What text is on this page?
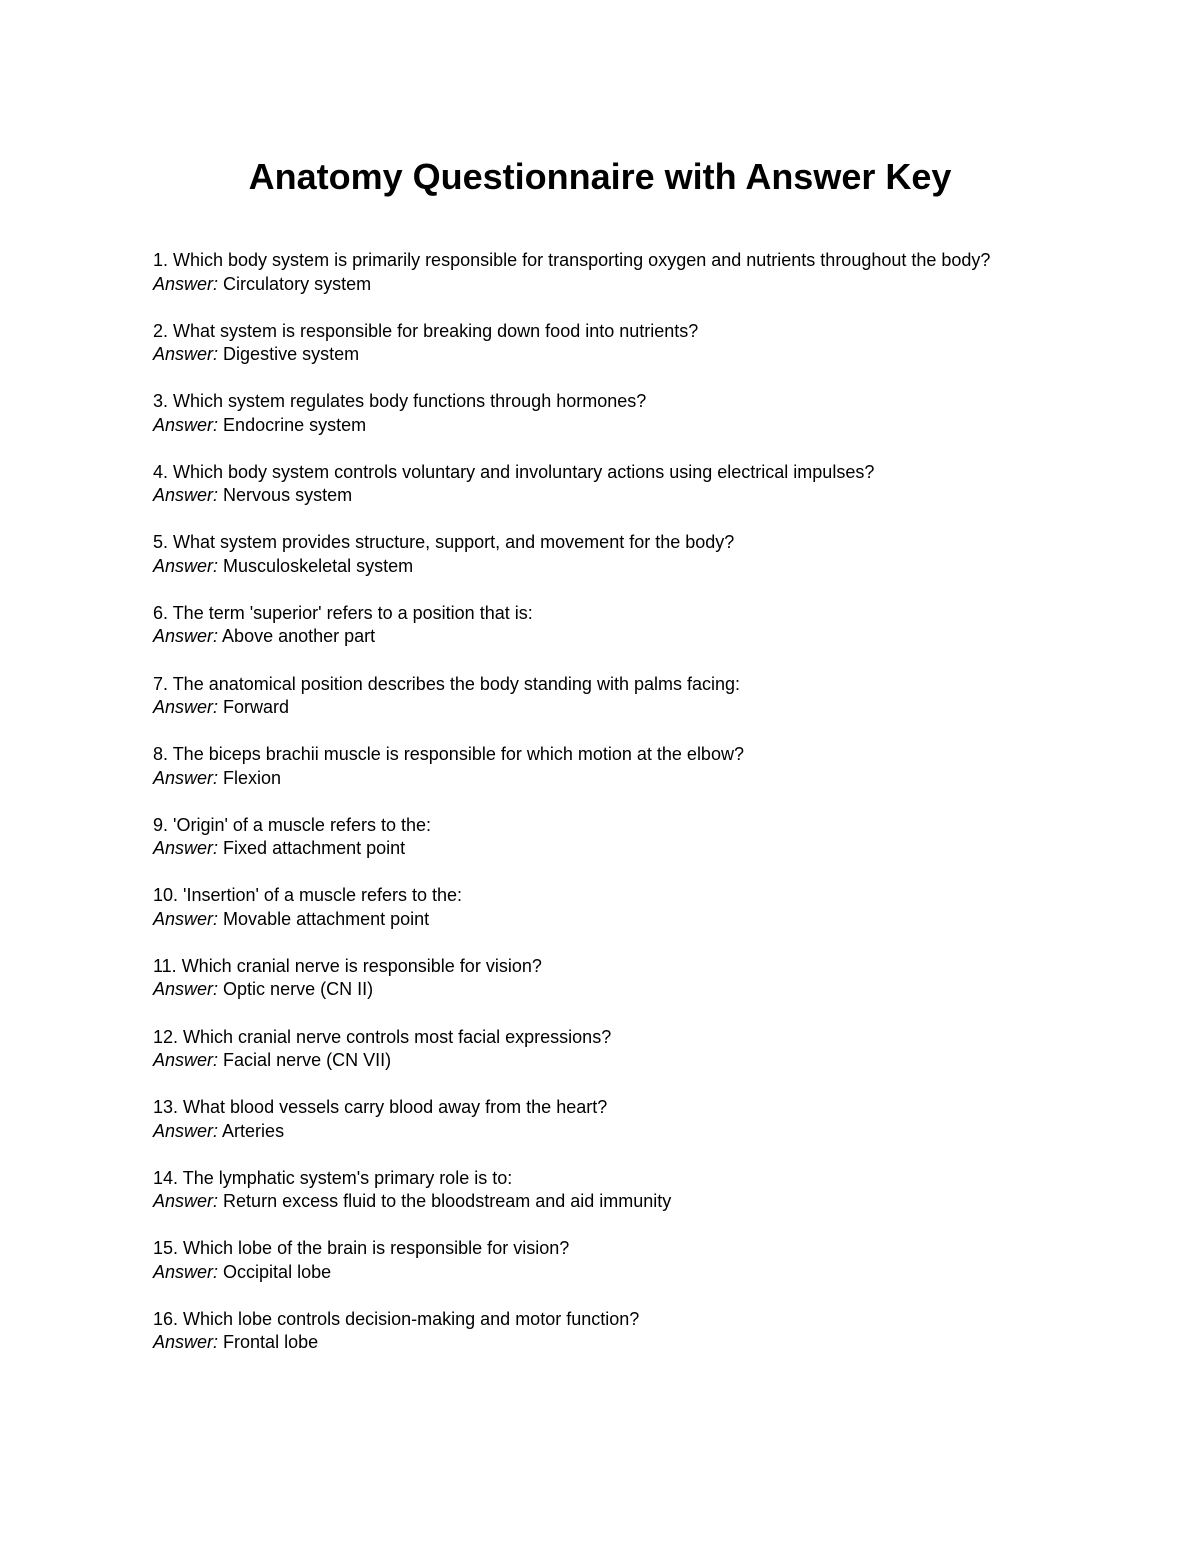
Anatomy Questionnaire with Answer Key
1. Which body system is primarily responsible for transporting oxygen and nutrients throughout the body?
Answer: Circulatory system
2. What system is responsible for breaking down food into nutrients?
Answer: Digestive system
3. Which system regulates body functions through hormones?
Answer: Endocrine system
4. Which body system controls voluntary and involuntary actions using electrical impulses?
Answer: Nervous system
5. What system provides structure, support, and movement for the body?
Answer: Musculoskeletal system
6. The term 'superior' refers to a position that is:
Answer: Above another part
7. The anatomical position describes the body standing with palms facing:
Answer: Forward
8. The biceps brachii muscle is responsible for which motion at the elbow?
Answer: Flexion
9. 'Origin' of a muscle refers to the:
Answer: Fixed attachment point
10. 'Insertion' of a muscle refers to the:
Answer: Movable attachment point
11. Which cranial nerve is responsible for vision?
Answer: Optic nerve (CN II)
12. Which cranial nerve controls most facial expressions?
Answer: Facial nerve (CN VII)
13. What blood vessels carry blood away from the heart?
Answer: Arteries
14. The lymphatic system's primary role is to:
Answer: Return excess fluid to the bloodstream and aid immunity
15. Which lobe of the brain is responsible for vision?
Answer: Occipital lobe
16. Which lobe controls decision-making and motor function?
Answer: Frontal lobe
